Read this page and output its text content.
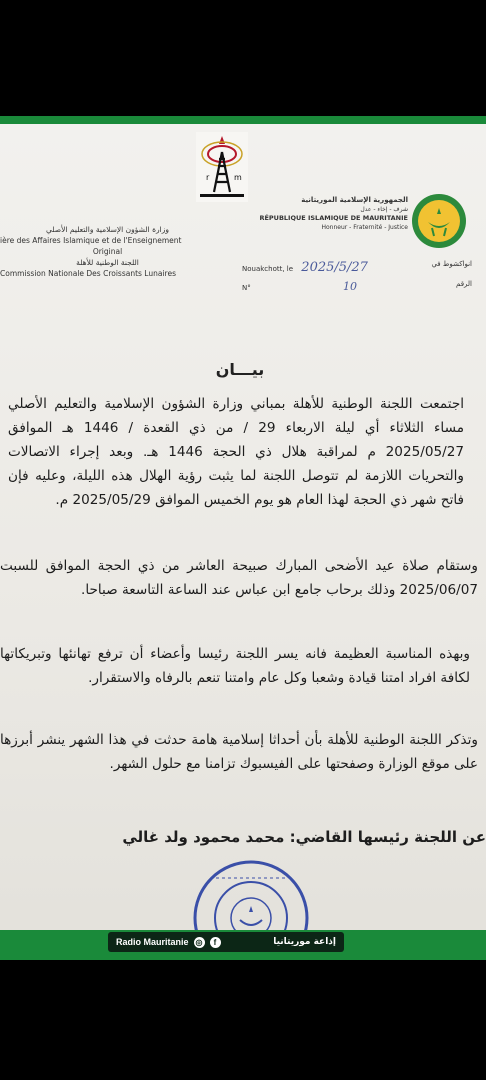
r	m
وزارة الشؤون الإسلامية والتعليم الأصلي
ière des Affaires Islamique et de l'Enseignement
Original
اللجنة الوطنية للأهلة
Commission Nationale Des Croissants Lunaires
الجمهورية الإسلامية الموريتانية
شرف - إخاء - عدل
RÉPUBLIQUE ISLAMIQUE DE MAURITANIE
Honneur - Fraternité - Justice
Nouakchott, le 2025/5/27	انواكشوط في
N°	10	الرقم
بيـــان
اجتمعت اللجنة الوطنية للأهلة بمباني وزارة الشؤون الإسلامية والتعليم الأصلي مساء الثلاثاء أي ليلة الاربعاء 29 / من ذي القعدة / 1446 هـ الموافق 2025/05/27 م لمراقبة هلال ذي الحجة 1446 هـ. وبعد إجراء الاتصالات والتحريات اللازمة لم تتوصل اللجنة لما يثبت رؤية الهلال هذه الليلة، وعليه فإن فاتح شهر ذي الحجة لهذا العام هو يوم الخميس الموافق 2025/05/29 م.
وستقام صلاة عيد الأضحى المبارك صبيحة العاشر من ذي الحجة الموافق للسبت 2025/06/07 وذلك برحاب جامع ابن عباس عند الساعة التاسعة صباحا.
وبهذه المناسبة العظيمة فانه يسر اللجنة رئيسا وأعضاء أن ترفع تهانئها وتبريكاتها لكافة افراد امتنا قيادة وشعبا وكل عام وامتنا تنعم بالرفاه والاستقرار.
وتذكر اللجنة الوطنية للأهلة بأن أحداثا إسلامية هامة حدثت في هذا الشهر ينشر أبرزها على موقع الوزارة وصفحتها على الفيسبوك تزامنا مع حلول الشهر.
عن اللجنة رئيسها القاضي: محمد محمود ولد غالي
Radio Mauritanie ◎	f	إذاعة موريتانيا
